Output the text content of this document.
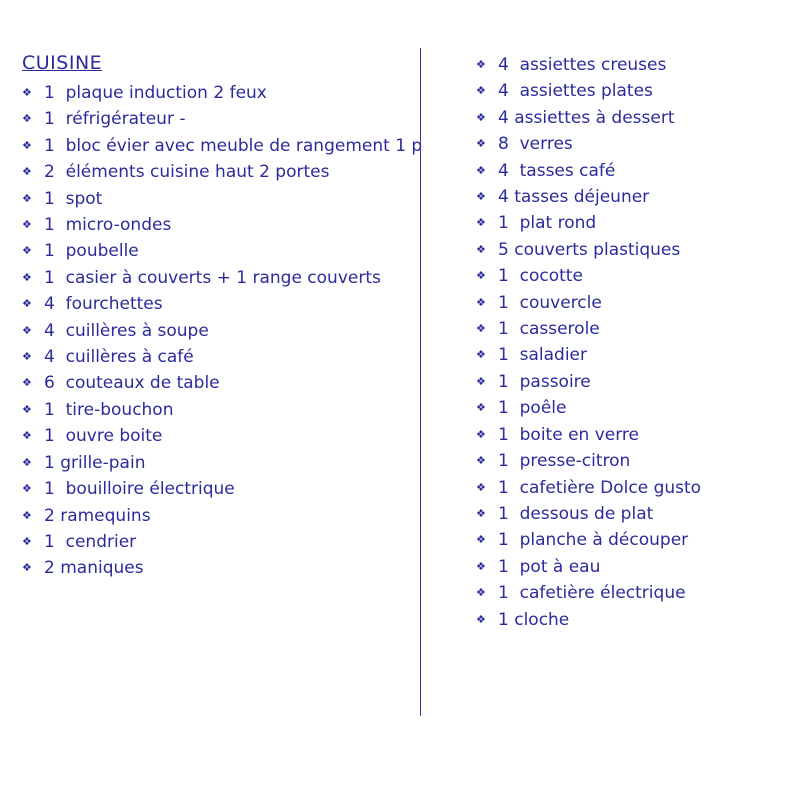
CUISINE
❖ 1  plaque induction 2 feux
❖ 1  réfrigérateur -
❖ 1  bloc évier avec meuble de rangement 1 p
❖ 2  éléments cuisine haut 2 portes
❖ 1  spot
❖ 1  micro-ondes
❖ 1  poubelle
❖ 1  casier à couverts + 1 range couverts
❖ 4  fourchettes
❖ 4  cuillères à soupe
❖ 4  cuillères à café
❖ 6  couteaux de table
❖ 1  tire-bouchon
❖ 1  ouvre boite
❖ 1 grille-pain
❖ 1  bouilloire électrique
❖ 2 ramequins
❖ 1  cendrier
❖ 2 maniques
❖ 4  assiettes creuses
❖ 4  assiettes plates
❖ 4 assiettes à dessert
❖ 8  verres
❖ 4  tasses café
❖ 4 tasses déjeuner
❖ 1  plat rond
❖ 5 couverts plastiques
❖ 1  cocotte
❖ 1  couvercle
❖ 1  casserole
❖ 1  saladier
❖ 1  passoire
❖ 1  poêle
❖ 1  boite en verre
❖ 1  presse-citron
❖ 1  cafetière Dolce gusto
❖ 1  dessous de plat
❖ 1  planche à découper
❖ 1  pot à eau
❖ 1  cafetière électrique
❖ 1 cloche
